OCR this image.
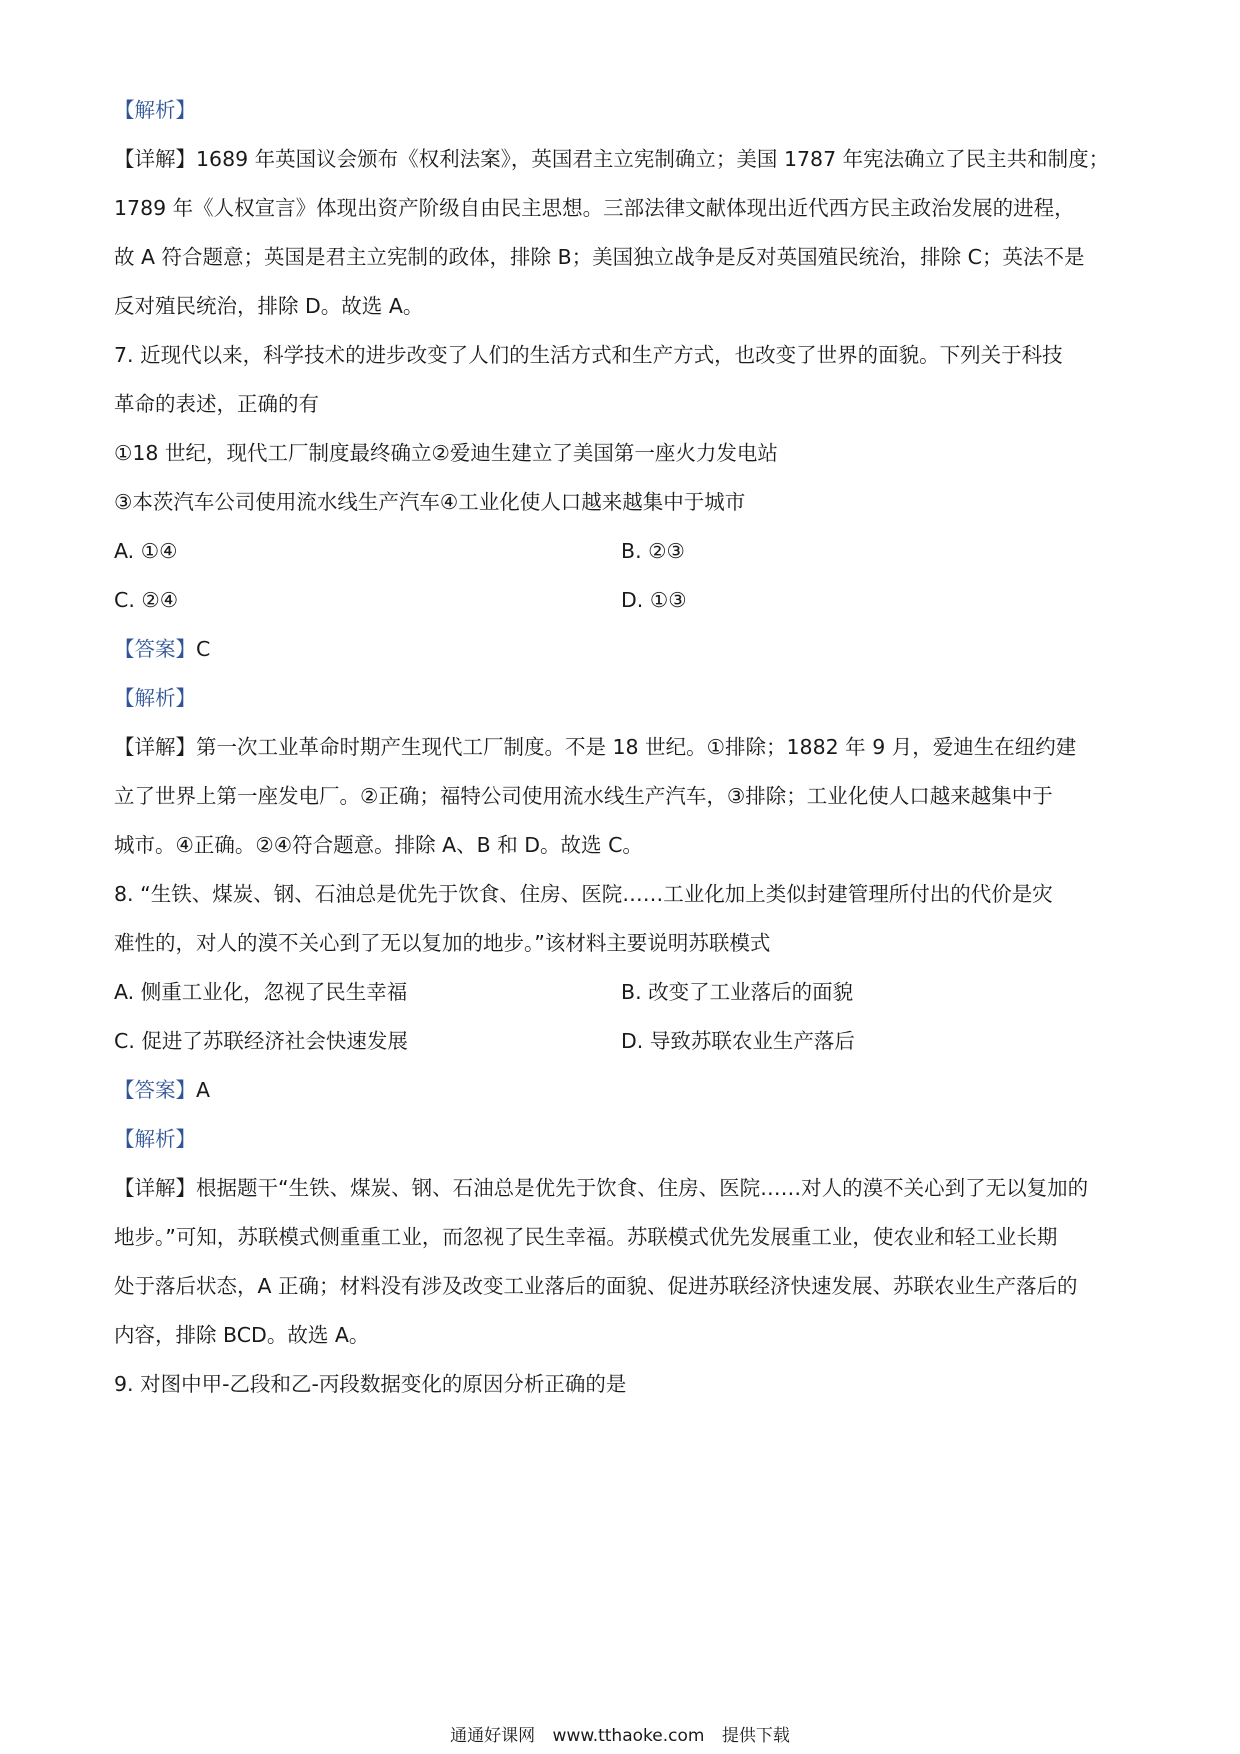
【解析】
【详解】1689 年英国议会颁布《权利法案》，英国君主立宪制确立；美国 1787 年宪法确立了民主共和制度；
1789 年《人权宣言》体现出资产阶级自由民主思想。三部法律文献体现出近代西方民主政治发展的进程，
故 A 符合题意；英国是君主立宪制的政体，排除 B；美国独立战争是反对英国殖民统治，排除 C；英法不是
反对殖民统治，排除 D。故选 A。
7. 近现代以来，科学技术的进步改变了人们的生活方式和生产方式，也改变了世界的面貌。下列关于科技
革命的表述，正确的有
①18 世纪，现代工厂制度最终确立②爱迪生建立了美国第一座火力发电站
③本茨汽车公司使用流水线生产汽车④工业化使人口越来越集中于城市
A. ①④	B. ②③
C. ②④	D. ①③
【答案】C
【解析】
【详解】第一次工业革命时期产生现代工厂制度。不是 18 世纪。①排除；1882 年 9 月，爱迪生在纽约建
立了世界上第一座发电厂。②正确；福特公司使用流水线生产汽车，③排除；工业化使人口越来越集中于
城市。④正确。②④符合题意。排除 A、B 和 D。故选 C。
8. “生铁、煤炭、钢、石油总是优先于饮食、住房、医院……工业化加上类似封建管理所付出的代价是灾
难性的，对人的漠不关心到了无以复加的地步。”该材料主要说明苏联模式
A. 侧重工业化，忽视了民生幸福	B. 改变了工业落后的面貌
C. 促进了苏联经济社会快速发展	D. 导致苏联农业生产落后
【答案】A
【解析】
【详解】根据题干“生铁、煤炭、钢、石油总是优先于饮食、住房、医院……对人的漠不关心到了无以复加的
地步。”可知，苏联模式侧重重工业，而忽视了民生幸福。苏联模式优先发展重工业，使农业和轻工业长期
处于落后状态，A 正确；材料没有涉及改变工业落后的面貌、促进苏联经济快速发展、苏联农业生产落后的
内容，排除 BCD。故选 A。
9. 对图中甲-乙段和乙-丙段数据变化的原因分析正确的是
通通好课网 www.tthaoke.com 提供下载
